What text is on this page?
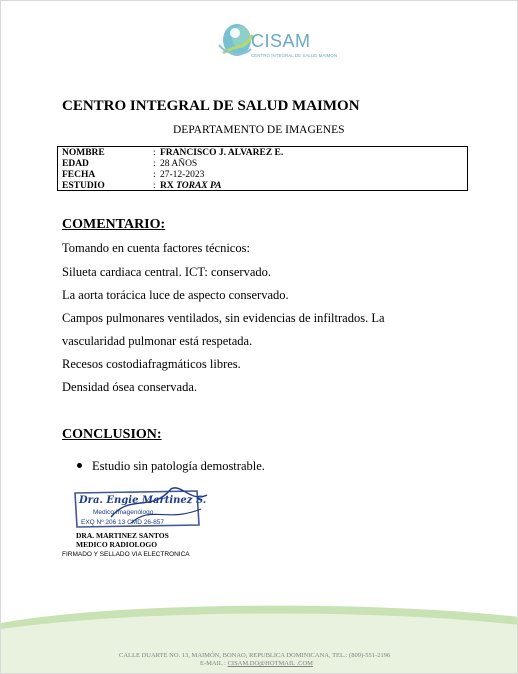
CISAM
CENTRO INTEGRAL DE SALUD MAIMON
CENTRO INTEGRAL DE SALUD MAIMON
DEPARTAMENTO DE IMAGENES
NOMBRE	: FRANCISCO J. ALVAREZ E.
EDAD	: 28 AÑOS
FECHA	: 27-12-2023
ESTUDIO	: RX TORAX PA
COMENTARIO:
Tomando en cuenta factores técnicos:
Silueta cardiaca central. ICT: conservado.
La aorta torácica luce de aspecto conservado.
Campos pulmonares ventilados, sin evidencias de infiltrados. La
vascularidad pulmonar está respetada.
Recesos costodiafragmáticos libres.
Densidad ósea conservada.
CONCLUSION:
Estudio sin patología demostrable.
Dra. Engie Martinez S.
Medico Imagenólogo
EXQ Nº 206 13 CMD 26-857
DRA. MARTINEZ SANTOS
MEDICO RADIOLOGO
FIRMADO Y SELLADO VIA ELECTRONICA
CALLE DUARTE NO. 13, MAIMÓN, BONAO, REPUBLICA DOMINICANA, TEL.: (809)-551-2196
E-MAIL : CISAM.DO@HOTMAIL .COM
